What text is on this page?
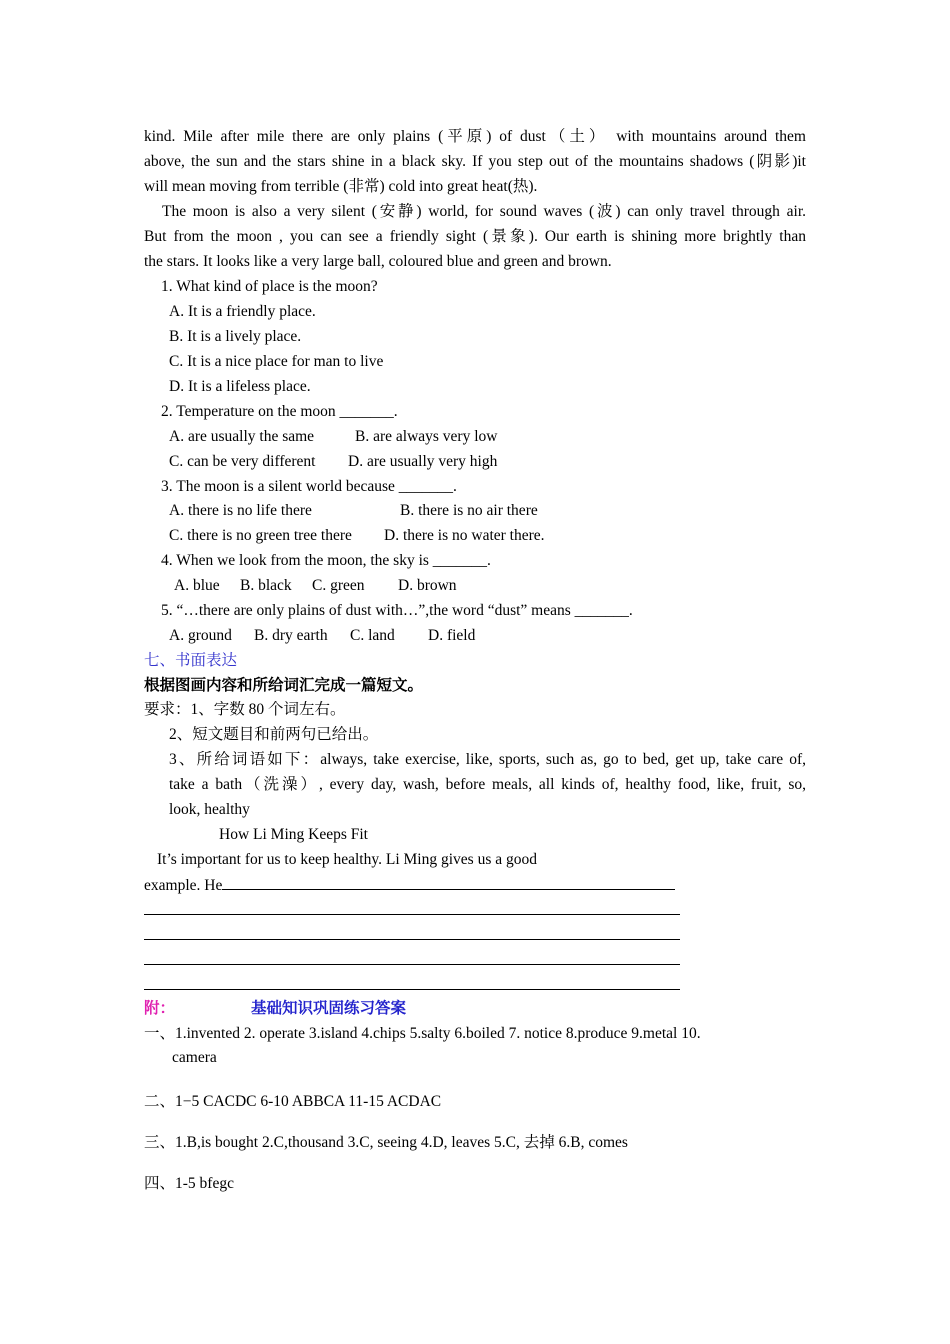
kind. Mile after mile there are only plains (平原) of dust（土） with mountains around them
above, the sun and the stars shine in a black sky. If you step out of the mountains shadows (阴影)it
will mean moving from terrible (非常) cold into great heat(热).
The moon is also a very silent (安静) world, for sound waves (波) can only travel through air.
But from the moon , you can see a friendly sight (景象). Our earth is shining more brightly than
the stars. It looks like a very large ball, coloured blue and green and brown.
1. What kind of place is the moon?
A. It is a friendly place.
B. It is a lively place.
C. It is a nice place for man to live
D. It is a lifeless place.
2. Temperature on the moon _______.
A. are usually the same	B. are always very low
C. can be very different D. are usually very high
3. The moon is a silent world because _______.
A. there is no life there	B. there is no air there
C. there is no green tree there D. there is no water there.
4. When we look from the moon, the sky is _______.
A. blue B. black C. green D. brown
5. “…there are only plains of dust with…”,the word “dust” means _______.
A. ground B. dry earth C. land D. field
七、书面表达
根据图画内容和所给词汇完成一篇短文。
要求：1、字数 80 个词左右。
2、短文题目和前两句已给出。
3、所给词语如下：always, take exercise, like, sports, such as, go to bed, get up, take care of,
take a bath（洗澡）, every day, wash, before meals, all kinds of, healthy food, like, fruit, so,
look, healthy
How Li Ming Keeps Fit
It’s important for us to keep healthy. Li Ming gives us a good
example. He
附：	基础知识巩固练习答案
一、1.invented 2. operate 3.island 4.chips 5.salty 6.boiled 7. notice 8.produce 9.metal 10.
camera
二、1−5 CACDC 6-10 ABBCA 11-15 ACDAC
三、1.B,is bought 2.C,thousand 3.C, seeing 4.D, leaves 5.C, 去掉 6.B, comes
四、1-5 bfegc
